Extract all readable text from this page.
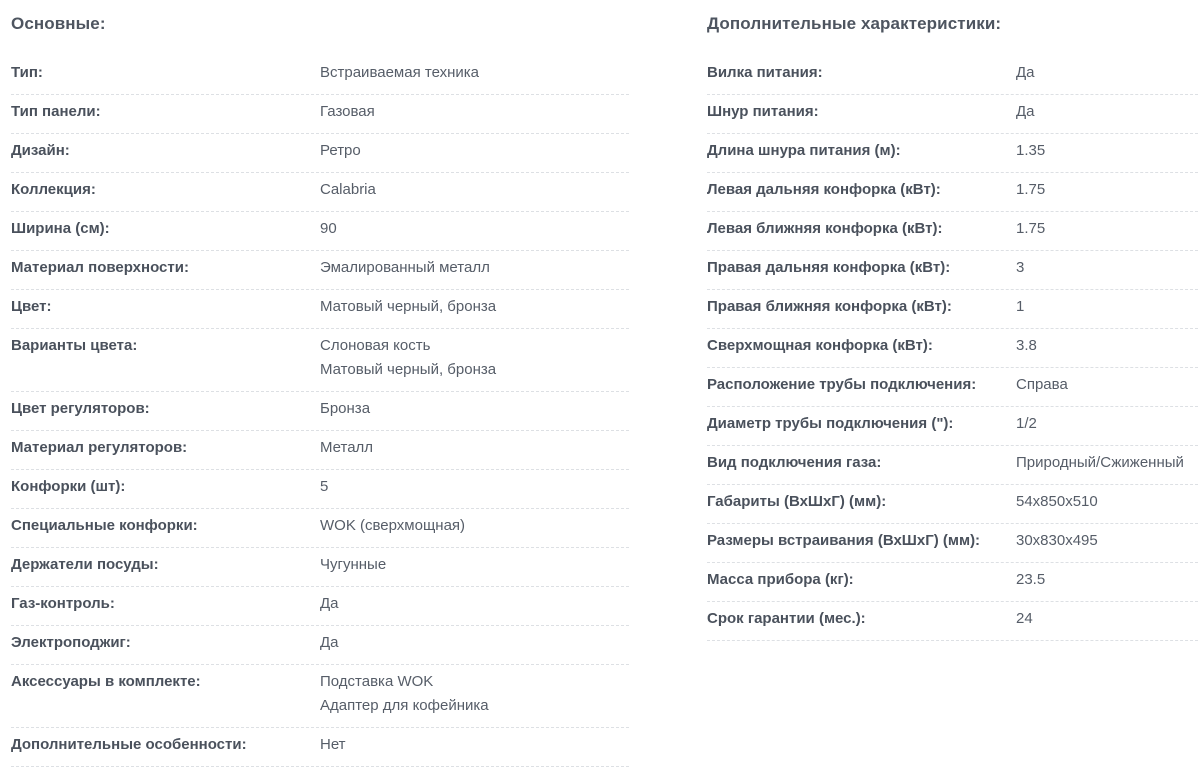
Основные:
Тип:	Встраиваемая техника
Тип панели:	Газовая
Дизайн:	Ретро
Коллекция:	Calabria
Ширина (см):	90
Материал поверхности:	Эмалированный металл
Цвет:	Матовый черный, бронза
Варианты цвета:	Слоновая кость
Матовый черный, бронза
Цвет регуляторов:	Бронза
Материал регуляторов:	Металл
Конфорки (шт):	5
Специальные конфорки:	WOK (сверхмощная)
Держатели посуды:	Чугунные
Газ-контроль:	Да
Электроподжиг:	Да
Аксессуары в комплекте:	Подставка WOK
Адаптер для кофейника
Дополнительные особенности:	Нет
Дополнительные характеристики:
Вилка питания:	Да
Шнур питания:	Да
Длина шнура питания (м):	1.35
Левая дальняя конфорка (кВт):	1.75
Левая ближняя конфорка (кВт):	1.75
Правая дальняя конфорка (кВт):	3
Правая ближняя конфорка (кВт):	1
Сверхмощная конфорка (кВт):	3.8
Расположение трубы подключения:	Справа
Диаметр трубы подключения ("):	1/2
Вид подключения газа:	Природный/Сжиженный
Габариты (ВхШхГ) (мм):	54x850x510
Размеры встраивания (ВхШхГ) (мм):	30x830x495
Масса прибора (кг):	23.5
Срок гарантии (мес.):	24
